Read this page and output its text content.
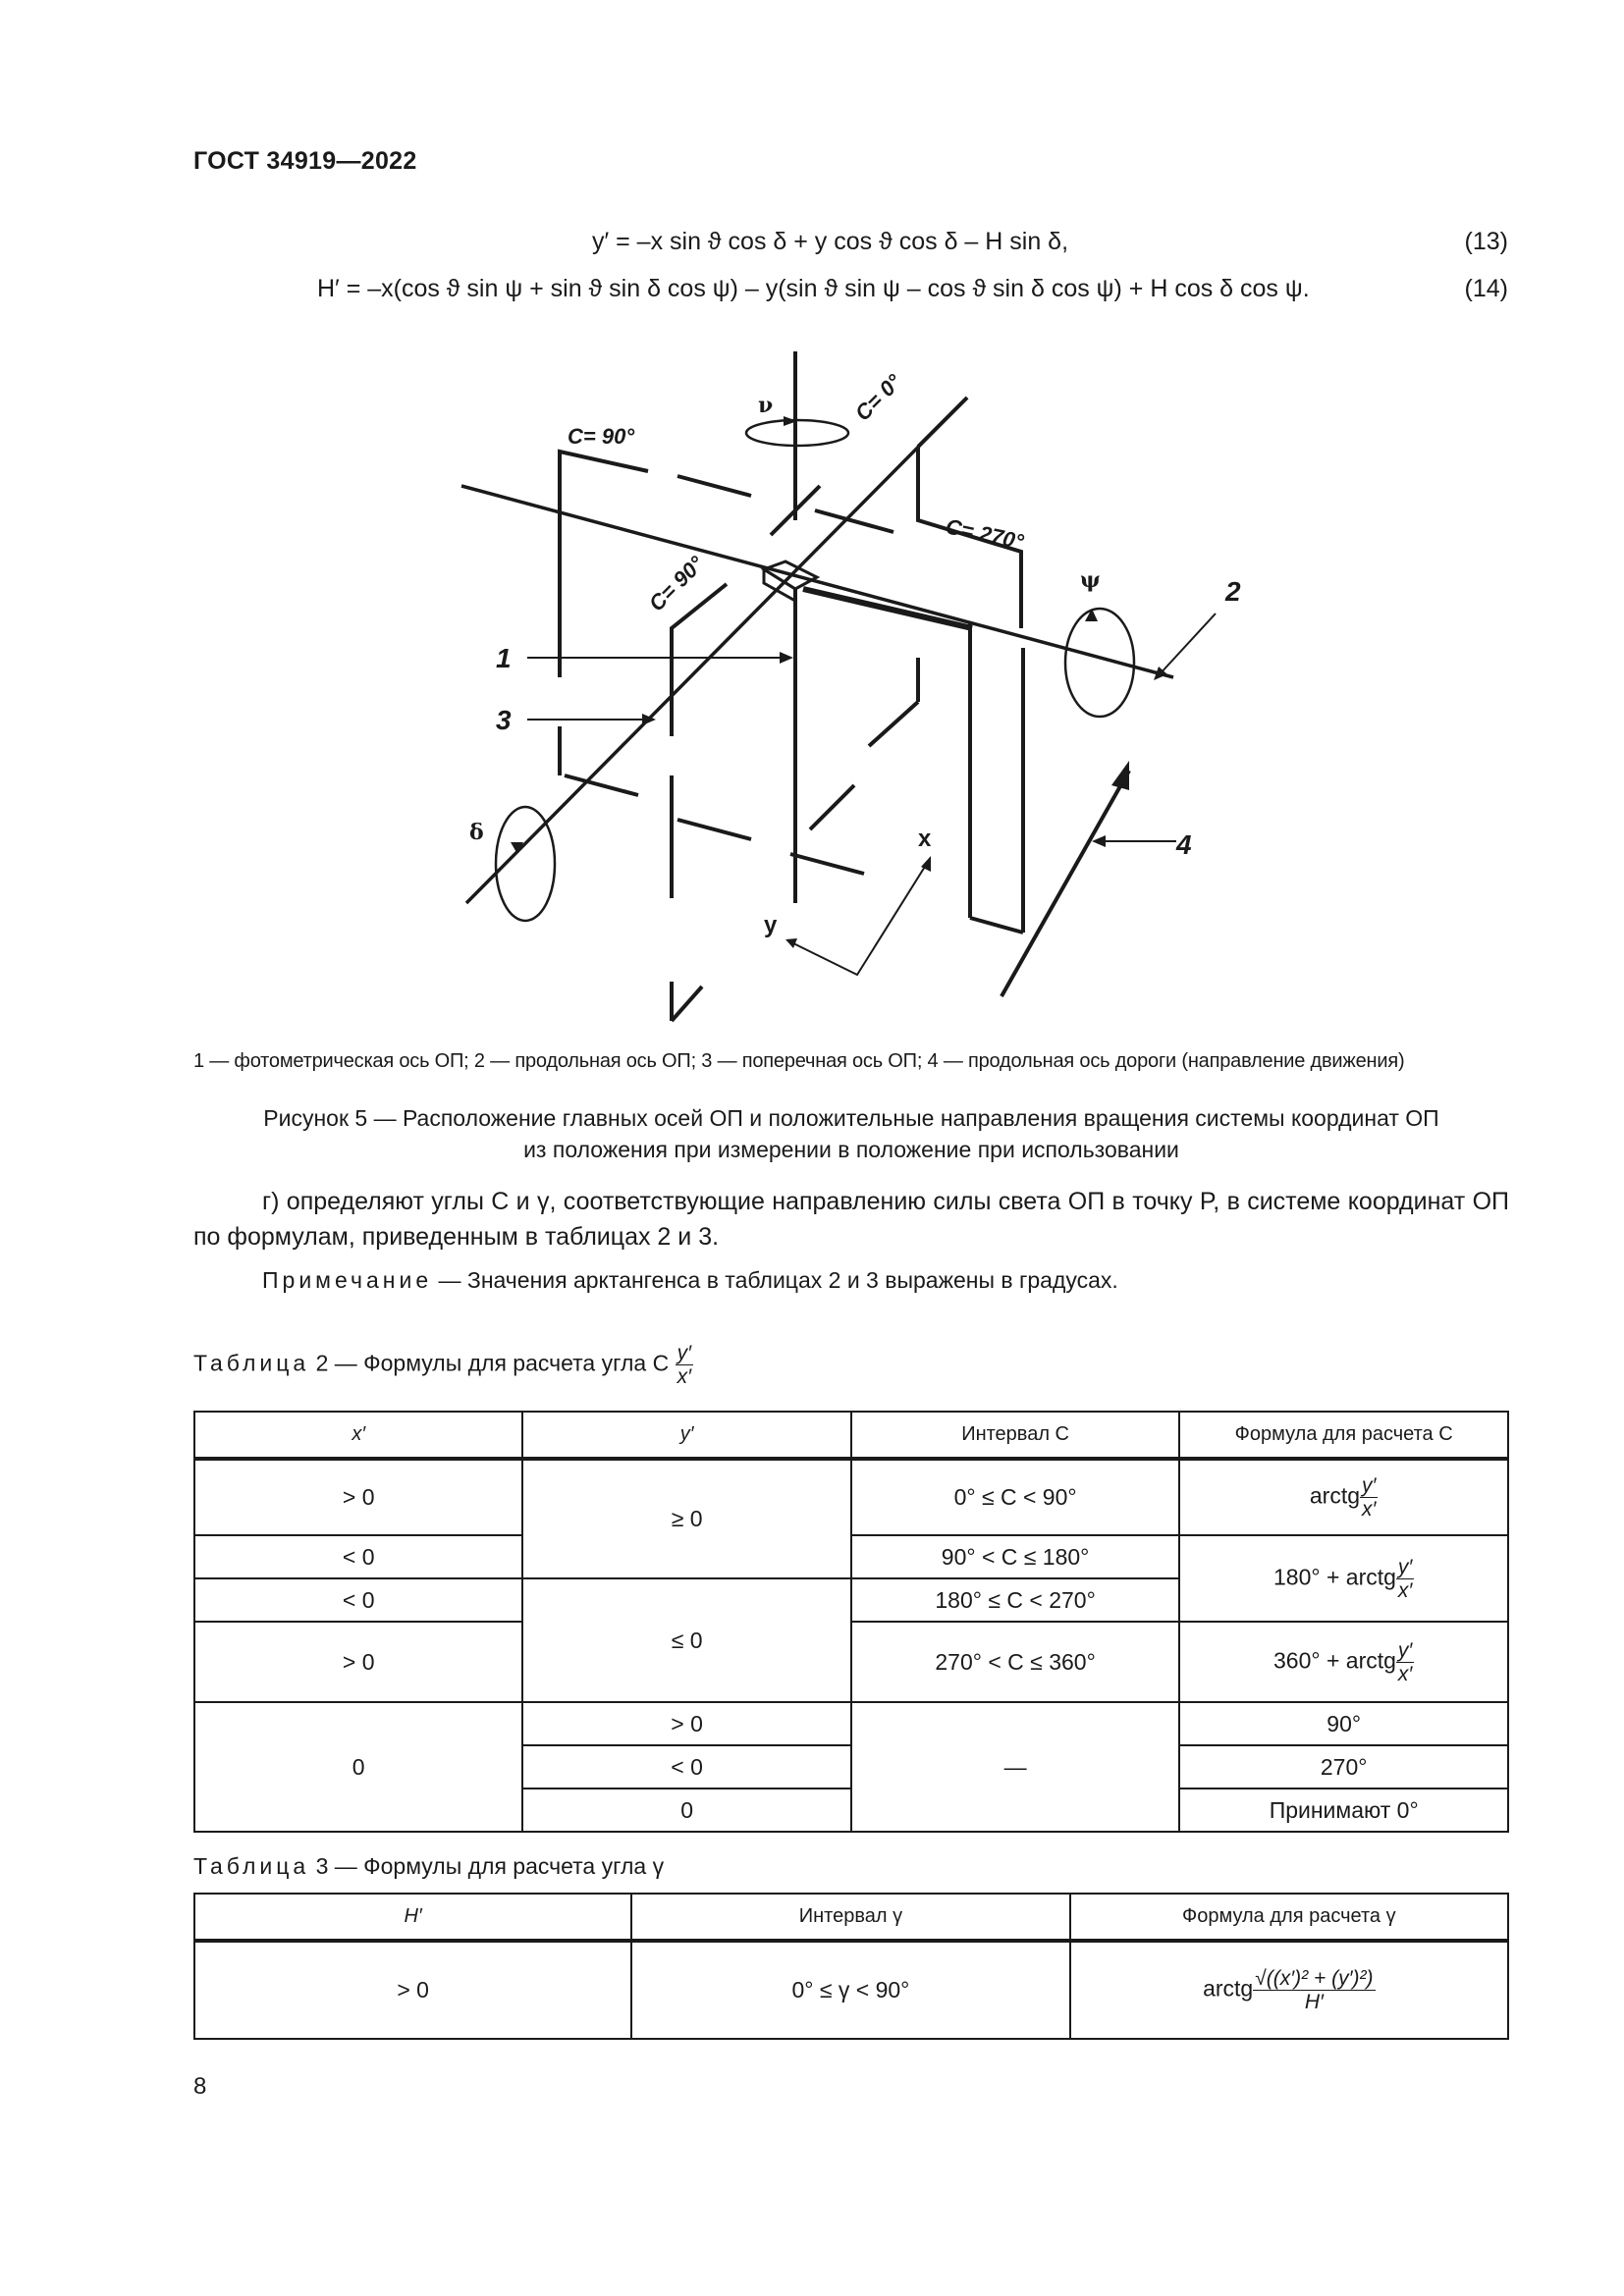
ГОСТ 34919—2022
y′ = –x sin ϑ cos δ + y cos ϑ cos δ – H sin δ,	(13)
H′ = –x(cos ϑ sin ψ + sin ϑ sin δ cos ψ) – y(sin ϑ sin ψ – cos ϑ sin δ cos ψ) + H cos δ cos ψ.	(14)
C= 90°
C= 0°
C= 270°
C= 90°
1
2
3
4
ν
ψ
δ	x
y
1 — фотометрическая ось ОП; 2 — продольная ось ОП; 3 — поперечная ось ОП; 4 — продольная ось дороги (направление движения)
Рисунок 5 — Расположение главных осей ОП и положительные направления вращения системы координат ОП
из положения при измерении в положение при использовании
г) определяют углы C и γ, соответствующие направлению силы света ОП в точку P, в системе координат ОП по формулам, приведенным в таблицах 2 и 3.
Примечание — Значения арктангенса в таблицах 2 и 3 выражены в градусах.
Таблица 2 — Формулы для расчета угла C $\frac{y'}{x'}$
x′	y′	Интервал C	Формула для расчета C
> 0	≥ 0	0° ≤ C < 90°	arctg $\frac{y'}{x'}$

< 0		90° < C ≤ 180°	180° + arctg $\frac{y'}{x'}$

< 0	≤ 0	180° ≤ C < 270°	
> 0		270° < C ≤ 360°	360° + arctg $\frac{y'}{x'}$

0	> 0	—	90°
	< 0		270°
	0		Принимают 0°
Таблица 3 — Формулы для расчета угла γ
H′	Интервал γ	Формула для расчета γ
> 0	0° ≤ γ < 90°	arctg $\frac{\text{√((x′)² + (y′)²)}}{H'}$
8
